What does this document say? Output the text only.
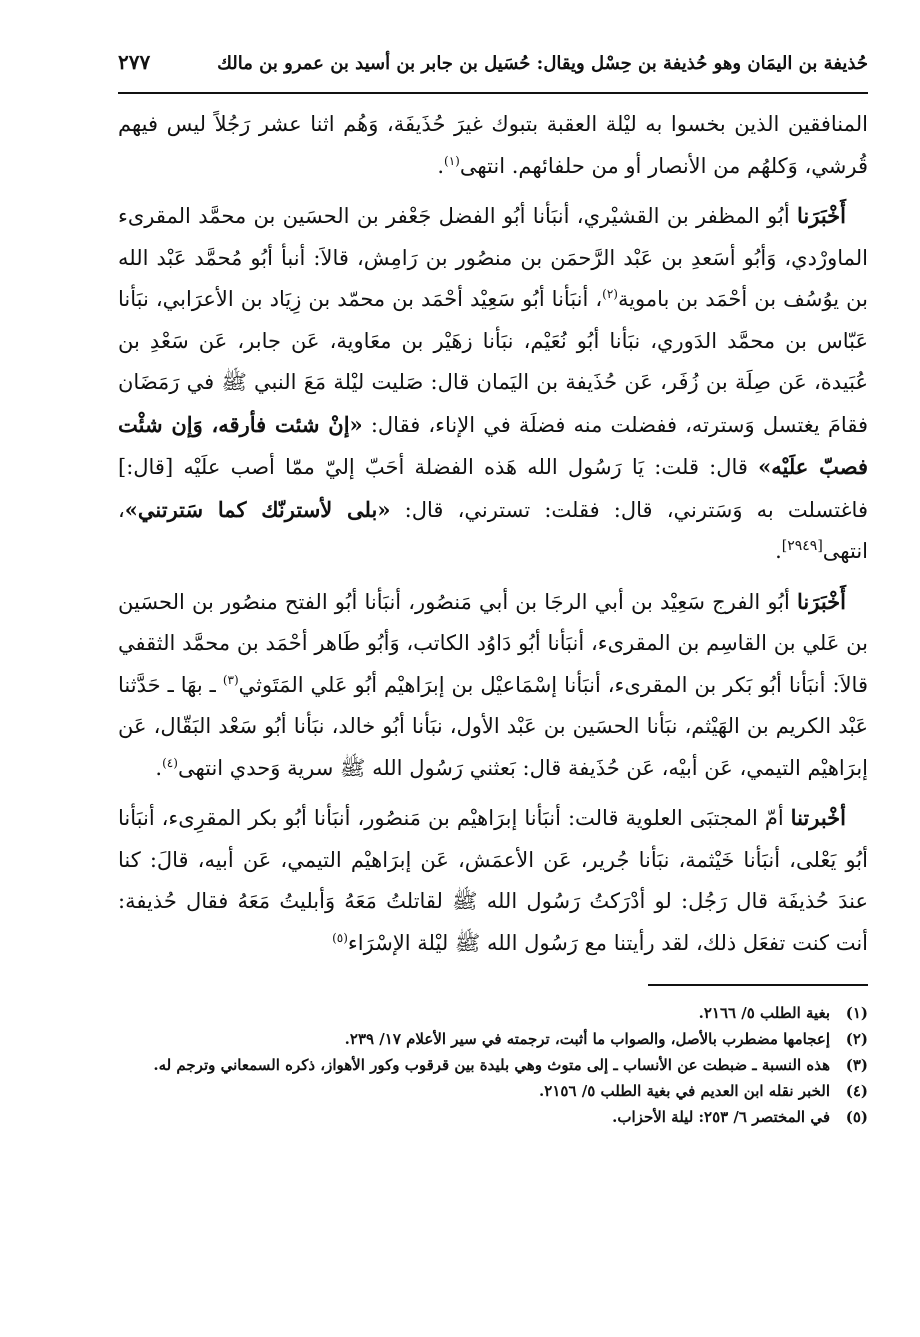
حُذيفة بن اليمَان وهو حُذيفة بن حِسْل ويقال: حُسَيل بن جابر بن أسيد بن عمرو بن مالك
٢٧٧

المنافقين الذين بخسوا به ليْلة العقبة بتبوك غيرَ حُذَيفَة، وَهُم اثنا عشر رَجُلاً ليس فيهم قُرشي، وَكلهُم من الأنصار أو من حلفائهم. انتهى$^{(١)}$.

أَخْبَرَنا أبُو المظفر بن القشيْري، أنبَأنا أبُو الفضل جَعْفر بن الحسَين بن محمَّد المقرىء الماورْدي، وَأبُو أسَعدِ بن عَبْد الرَّحمَن بن منصُور بن رَامِش، قالاَ: أنبأ أبُو مُحمَّد عَبْد الله بن يوُسُف بن أحْمَد بن باموية$^{(٢)}$، أنبَأنا أبُو سَعِيْد أحْمَد بن محمّد بن زِيَاد بن الأعرَابي، نبَأنا عَبّاس بن محمَّد الدَوري، نبَأنا أبُو نُعَيْم، نبَأنا زهَيْر بن معَاوية، عَن جابر، عَن سَعْدِ بن عُبَيدة، عَن صِلَة بن زُفَر، عَن حُذَيفة بن اليَمان قال: صَليت ليْلة مَعَ النبي ﷺ في رَمَضَان فقامَ يغتسل وَسترته، ففضلت منه فضلَة في الإناء، فقال: «إنْ شئت فأرقه، وَإن شئْت فصبّ علَيْه» قال: قلت: يَا رَسُول الله هَذه الفضلة أحَبّ إليّ ممّا أصب علَيْه [قال:] فاغتسلت به وَسَترني، قال: فقلت: تسترني، قال: «بلى لأسترنّك كما سَترتني»، انتهى[٢٩٤٩].

أَخْبَرَنا أبُو الفرج سَعِيْد بن أبي الرجَا بن أبي مَنصُور، أنبَأنا أبُو الفتح منصُور بن الحسَين بن عَلي بن القاسِم بن المقرىء، أنبَأنا أبُو دَاوُد الكاتب، وَأبُو طَاهر أحْمَد بن محمَّد الثقفي قالاَ: أنبَأنا أبُو بَكر بن المقرىء، أنبَأنا إسْمَاعيْل بن إبرَاهيْم أبُو عَلي المَتَوثي$^{(٣)}$ ـ بهَا ـ حَدَّثنا عَبْد الكريم بن الهَيْثم، نبَأنا الحسَين بن عَبْد الأول، نبَأنا أبُو خالد، نبَأنا أبُو سَعْد البَقّال، عَن إبرَاهيْم التيمي، عَن أبيْه، عَن حُذَيفة قال: بَعثني رَسُول الله ﷺ سرية وَحدي انتهى$^{(٤)}$.

أخْبرتنا أمّ المجتبَى العلوية قالت: أنبَأنا إبرَاهيْم بن مَنصُور، أنبَأنا أبُو بكر المقرِىء، أنبَأنا أبُو يَعْلى، أنبَأنا خَيْثمة، نبَأنا جُرير، عَن الأعمَش، عَن إبرَاهيْم التيمي، عَن أبيه، قالَ: كنا عندَ حُذيفَة قال رَجُل: لو أدْرَكتُ رَسُول الله ﷺ لقاتلتُ مَعَهُ وَأبليتُ مَعَهُ فقال حُذيفة: أنت كنت تفعَل ذلك، لقد رأيتنا مع رَسُول الله ﷺ ليْلة الإسْرَاء$^{(٥)}$

(١)
بغية الطلب ٥/ ٢١٦٦.
(٢)
إعجامها مضطرب بالأصل، والصواب ما أثبت، ترجمته في سير الأعلام ١٧/ ٢٣٩.
(٣)
هذه النسبة ـ ضبطت عن الأنساب ـ إلى متوث وهي بليدة بين قرقوب وكور الأهواز، ذكره السمعاني وترجم له.
(٤)
الخبر نقله ابن العديم في بغية الطلب ٥/ ٢١٥٦.
(٥)
في المختصر ٦/ ٢٥٣: ليلة الأحزاب.
